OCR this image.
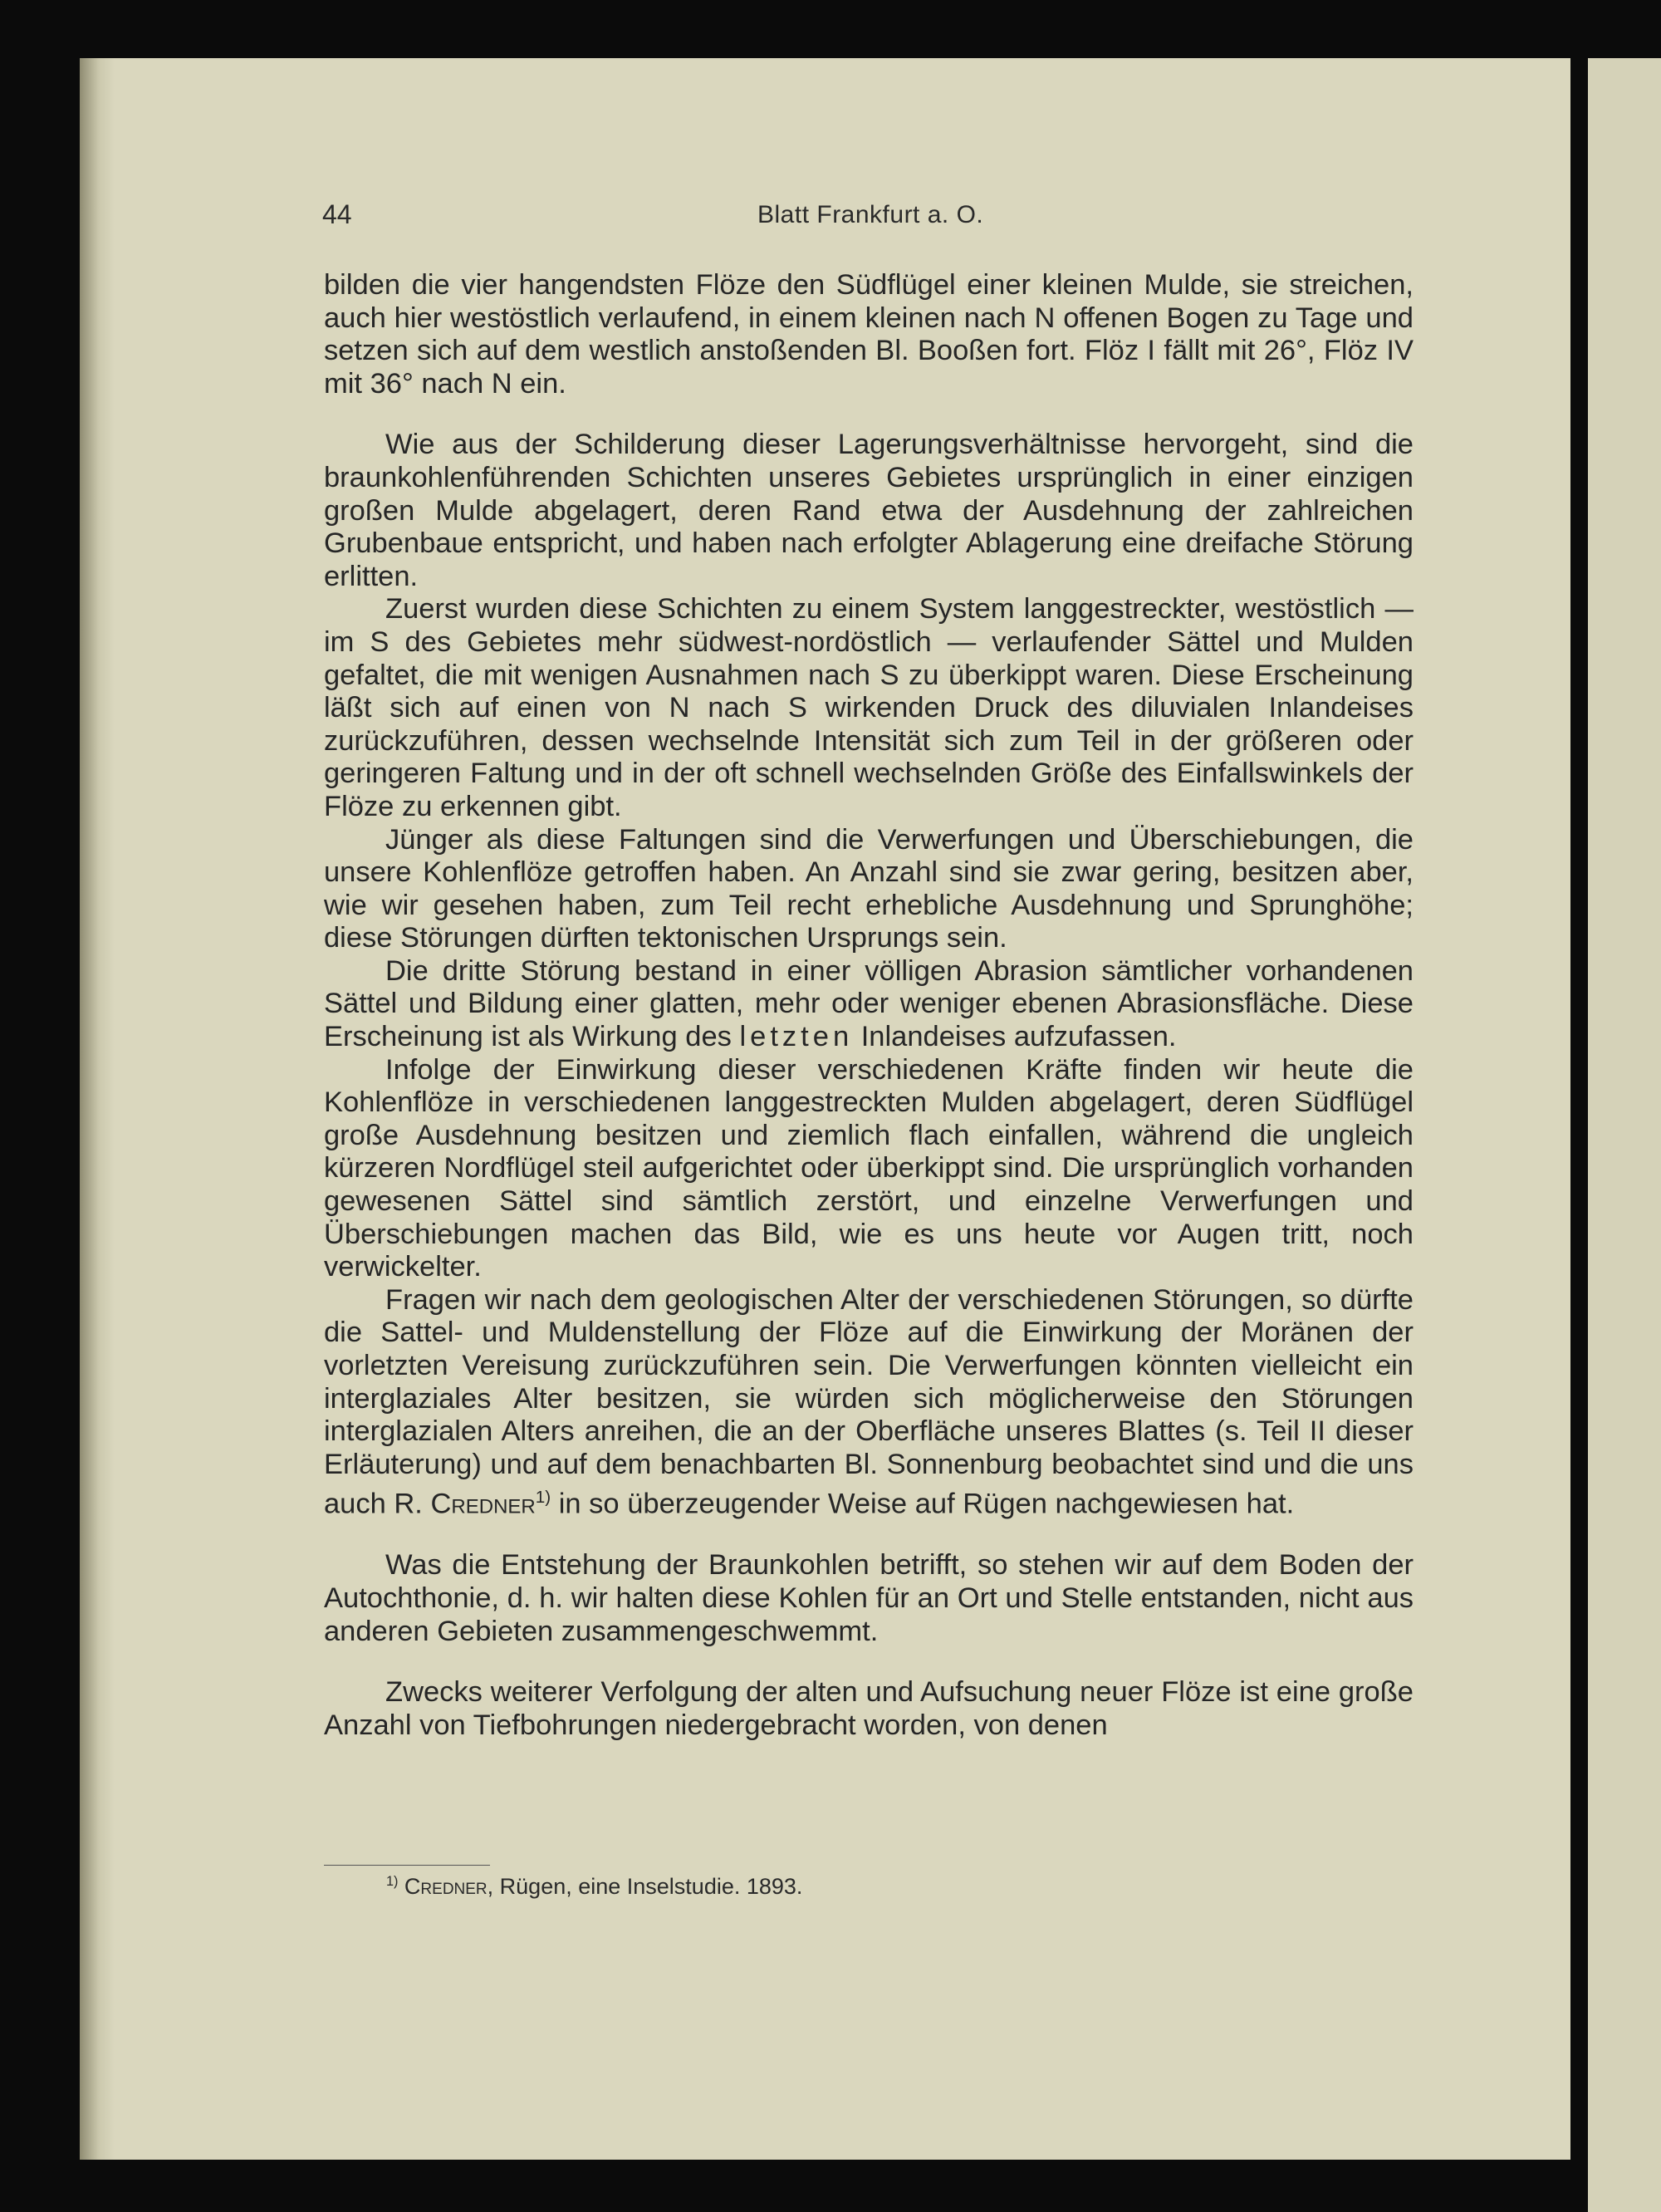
44	Blatt Frankfurt a. O.

bilden die vier hangendsten Flöze den Südflügel einer kleinen Mulde, sie streichen, auch hier westöstlich verlaufend, in einem kleinen nach N offenen Bogen zu Tage und setzen sich auf dem westlich anstoßenden Bl. Booßen fort. Flöz I fällt mit 26°, Flöz IV mit 36° nach N ein.

Wie aus der Schilderung dieser Lagerungsverhältnisse hervorgeht, sind die braunkohlenführenden Schichten unseres Gebietes ursprünglich in einer einzigen großen Mulde abgelagert, deren Rand etwa der Ausdehnung der zahlreichen Grubenbaue entspricht, und haben nach erfolgter Ablagerung eine dreifache Störung erlitten.

Zuerst wurden diese Schichten zu einem System langgestreckter, westöstlich — im S des Gebietes mehr südwest-nordöstlich — verlaufender Sättel und Mulden gefaltet, die mit wenigen Ausnahmen nach S zu überkippt waren. Diese Erscheinung läßt sich auf einen von N nach S wirkenden Druck des diluvialen Inlandeises zurückzuführen, dessen wechselnde Intensität sich zum Teil in der größeren oder geringeren Faltung und in der oft schnell wechselnden Größe des Einfallswinkels der Flöze zu erkennen gibt.

Jünger als diese Faltungen sind die Verwerfungen und Überschiebungen, die unsere Kohlenflöze getroffen haben. An Anzahl sind sie zwar gering, besitzen aber, wie wir gesehen haben, zum Teil recht erhebliche Ausdehnung und Sprunghöhe; diese Störungen dürften tektonischen Ursprungs sein.

Die dritte Störung bestand in einer völligen Abrasion sämtlicher vorhandenen Sättel und Bildung einer glatten, mehr oder weniger ebenen Abrasionsfläche. Diese Erscheinung ist als Wirkung des letzten Inlandeises aufzufassen.

Infolge der Einwirkung dieser verschiedenen Kräfte finden wir heute die Kohlenflöze in verschiedenen langgestreckten Mulden abgelagert, deren Südflügel große Ausdehnung besitzen und ziemlich flach einfallen, während die ungleich kürzeren Nordflügel steil aufgerichtet oder überkippt sind. Die ursprünglich vorhanden gewesenen Sättel sind sämtlich zerstört, und einzelne Verwerfungen und Überschiebungen machen das Bild, wie es uns heute vor Augen tritt, noch verwickelter.

Fragen wir nach dem geologischen Alter der verschiedenen Störungen, so dürfte die Sattel- und Muldenstellung der Flöze auf die Einwirkung der Moränen der vorletzten Vereisung zurückzuführen sein. Die Verwerfungen könnten vielleicht ein interglaziales Alter besitzen, sie würden sich möglicherweise den Störungen interglazialen Alters anreihen, die an der Oberfläche unseres Blattes (s. Teil II dieser Erläuterung) und auf dem benachbarten Bl. Sonnenburg beobachtet sind und die uns auch R. Credner$^{1)}$ in so überzeugender Weise auf Rügen nachgewiesen hat.

Was die Entstehung der Braunkohlen betrifft, so stehen wir auf dem Boden der Autochthonie, d. h. wir halten diese Kohlen für an Ort und Stelle entstanden, nicht aus anderen Gebieten zusammengeschwemmt.

Zwecks weiterer Verfolgung der alten und Aufsuchung neuer Flöze ist eine große Anzahl von Tiefbohrungen niedergebracht worden, von denen

$^{1)}$ Credner, Rügen, eine Inselstudie. 1893.
